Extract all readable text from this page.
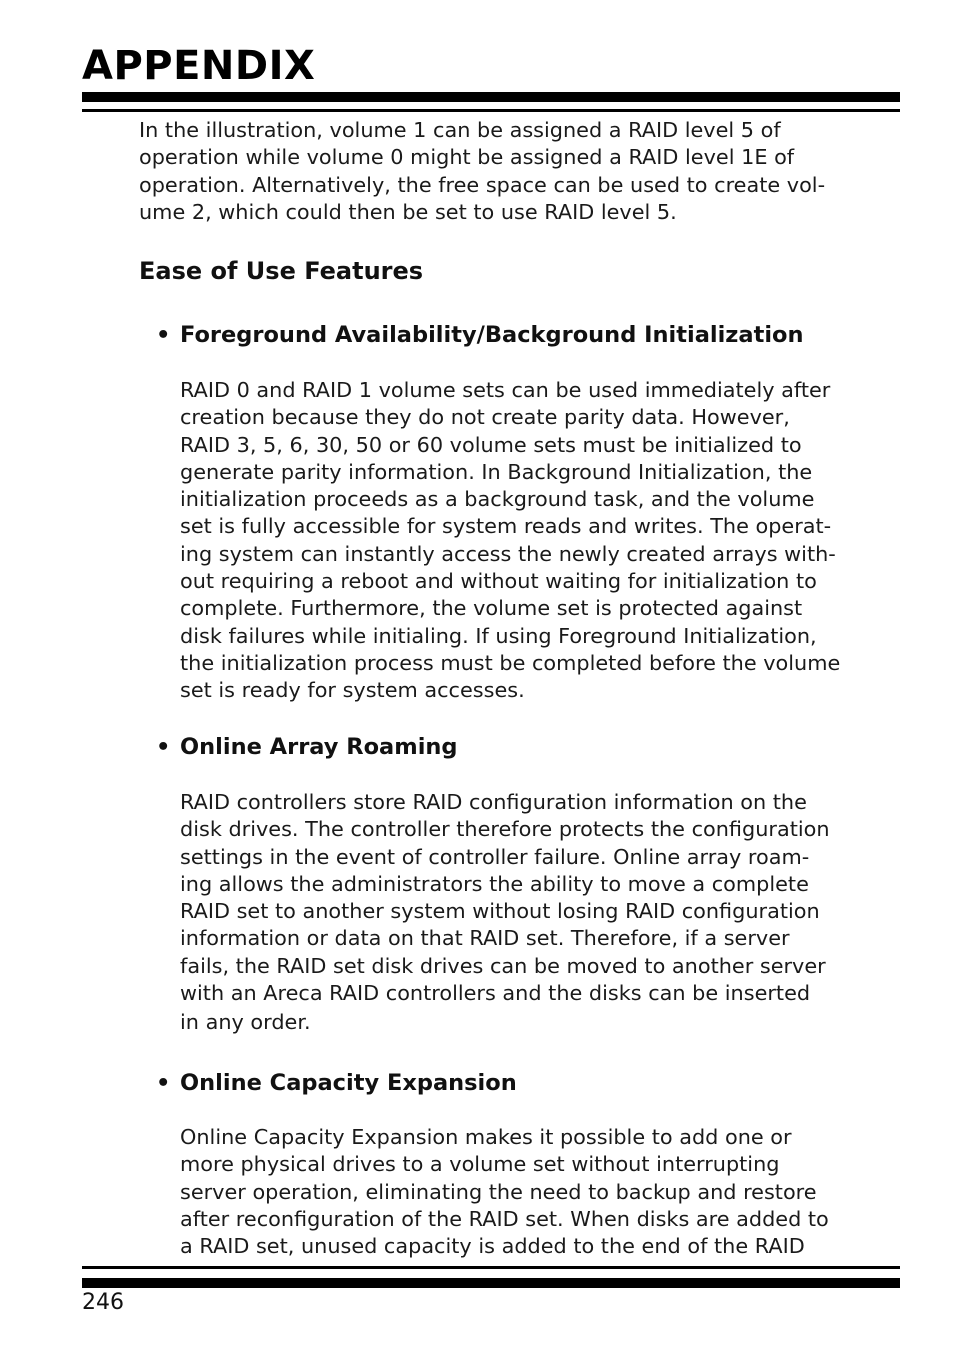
APPENDIX
In the illustration, volume 1 can be assigned a RAID level 5 of
operation while volume 0 might be assigned a RAID level 1E of
operation. Alternatively, the free space can be used to create vol-
ume 2, which could then be set to use RAID level 5.
Ease of Use Features
• Foreground Availability/Background Initialization
RAID 0 and RAID 1 volume sets can be used immediately after
creation because they do not create parity data. However,
RAID 3, 5, 6, 30, 50 or 60 volume sets must be initialized to
generate parity information. In Background Initialization, the
initialization proceeds as a background task, and the volume
set is fully accessible for system reads and writes. The operat-
ing system can instantly access the newly created arrays with-
out requiring a reboot and without waiting for initialization to
complete. Furthermore, the volume set is protected against
disk failures while initialing. If using Foreground Initialization,
the initialization process must be completed before the volume
set is ready for system accesses.
• Online Array Roaming
RAID controllers store RAID configuration information on the
disk drives. The controller therefore protects the configuration
settings in the event of controller failure. Online array roam-
ing allows the administrators the ability to move a complete
RAID set to another system without losing RAID configuration
information or data on that RAID set. Therefore, if a server
fails, the RAID set disk drives can be moved to another server
with an Areca RAID controllers and the disks can be inserted
in any order.
• Online Capacity Expansion
Online Capacity Expansion makes it possible to add one or
more physical drives to a volume set without interrupting
server operation, eliminating the need to backup and restore
after reconfiguration of the RAID set. When disks are added to
a RAID set, unused capacity is added to the end of the RAID
246
